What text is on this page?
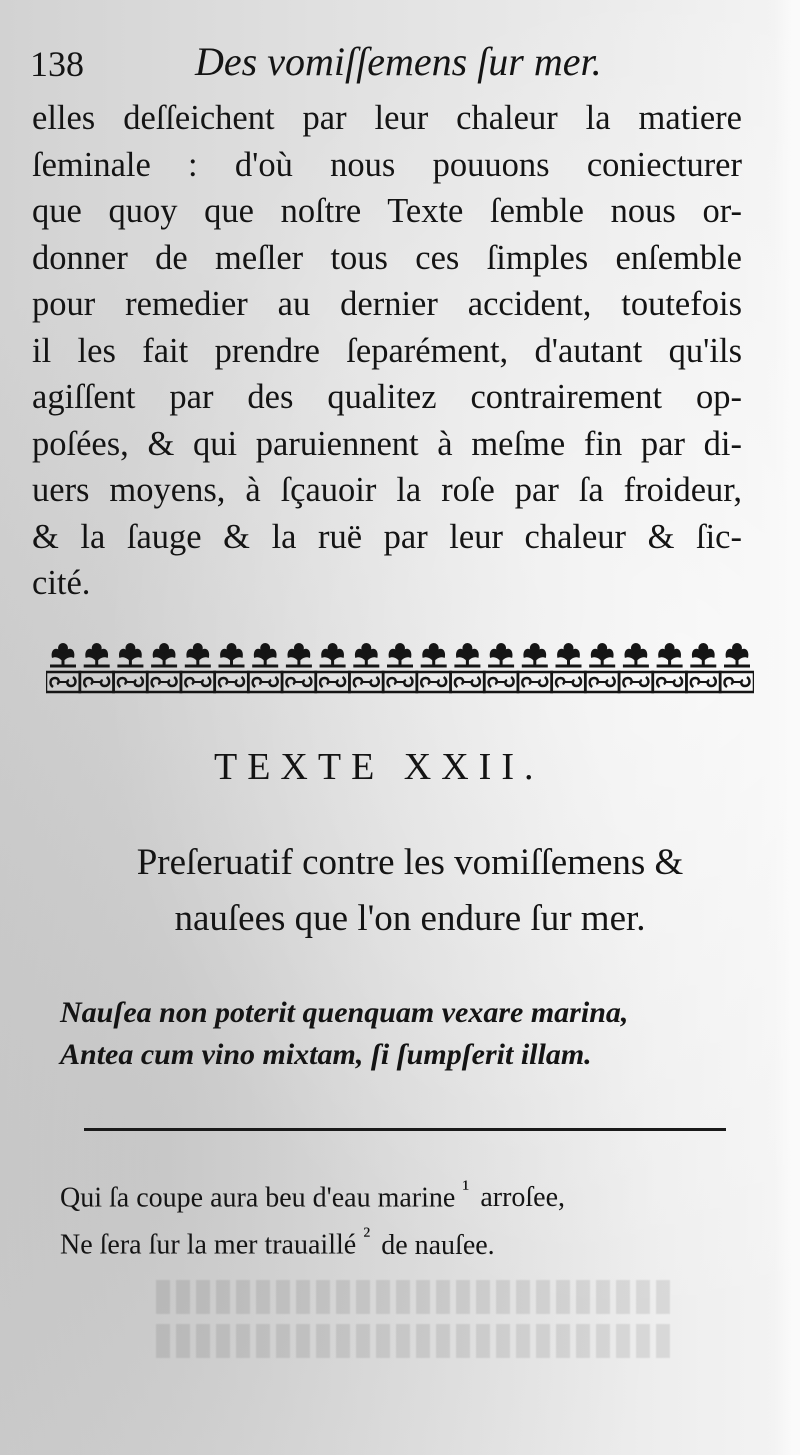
138	Des vomiſſemens ſur mer.
elles deſſeichent par leur chaleur la matiere
ſeminale : d'où nous pouuons coniecturer
que quoy que noſtre Texte ſemble nous or-
donner de meſler tous ces ſimples enſemble
pour remedier au dernier accident, toutefois
il les fait prendre ſeparément, d'autant qu'ils
agiſſent par des qualitez contrairement op-
poſées, & qui paruiennent à meſme fin par di-
uers moyens, à ſçauoir la roſe par ſa froideur,
& la ſauge & la ruë par leur chaleur & ſic-
cité.
TEXTE XXII.
Preſeruatif contre les vomiſſemens &
nauſees que l'on endure ſur mer.
Nauſea non poterit quenquam vexare marina,
Antea cum vino mixtam, ſi ſumpſerit illam.
Qui ſa coupe aura beu d'eau marine $^{^1}$ arroſee,
Ne ſera ſur la mer trauaillé $^{^2}$ de nauſee.
